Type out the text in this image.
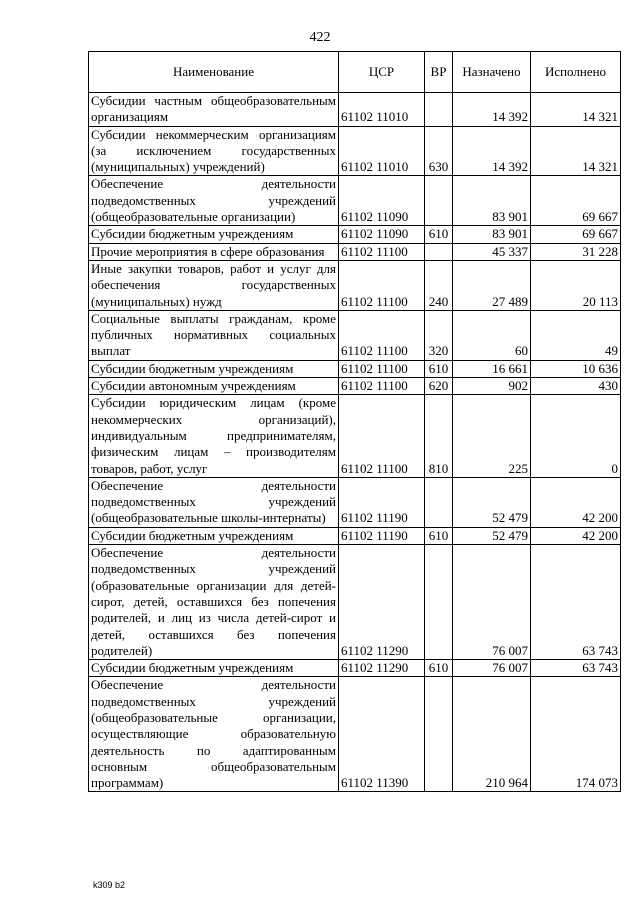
422
Наименование	ЦСР	ВР	Назначено	Исполнено
Субсидии частным общеобразовательным организациям	61102 11010		14 392	14 321
Субсидии некоммерческим организациям (за исключением государственных (муниципальных) учреждений)	61102 11010	630	14 392	14 321
Обеспечение деятельности подведомственных учреждений (общеобразовательные организации)	61102 11090		83 901	69 667
Субсидии бюджетным учреждениям	61102 11090	610	83 901	69 667
Прочие мероприятия в сфере образования	61102 11100		45 337	31 228
Иные закупки товаров, работ и услуг для обеспечения государственных (муниципальных) нужд	61102 11100	240	27 489	20 113
Социальные выплаты гражданам, кроме публичных нормативных социальных выплат	61102 11100	320	60	49
Субсидии бюджетным учреждениям	61102 11100	610	16 661	10 636
Субсидии автономным учреждениям	61102 11100	620	902	430
Субсидии юридическим лицам (кроме некоммерческих организаций), индивидуальным предпринимателям, физическим лицам – производителям товаров, работ, услуг	61102 11100	810	225	0
Обеспечение деятельности подведомственных учреждений (общеобразовательные школы-интернаты)	61102 11190		52 479	42 200
Субсидии бюджетным учреждениям	61102 11190	610	52 479	42 200
Обеспечение деятельности подведомственных учреждений (образовательные организации для детей-сирот, детей, оставшихся без попечения родителей, и лиц из числа детей-сирот и детей, оставшихся без попечения родителей)	61102 11290		76 007	63 743
Субсидии бюджетным учреждениям	61102 11290	610	76 007	63 743
Обеспечение деятельности подведомственных учреждений (общеобразовательные организации, осуществляющие образовательную деятельность по адаптированным основным общеобразовательным программам)	61102 11390		210 964	174 073
k309 b2
